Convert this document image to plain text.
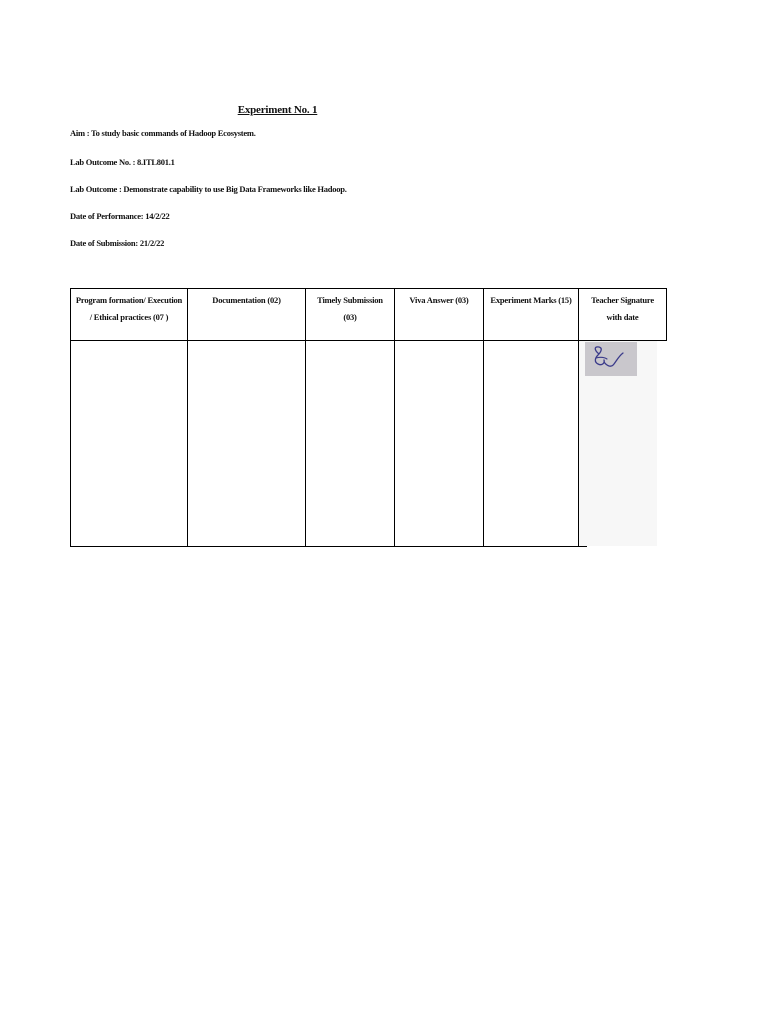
Experiment No. 1
Aim : To study basic commands of Hadoop Ecosystem.
Lab Outcome No. : 8.ITL801.1
Lab Outcome : Demonstrate capability to use Big Data Frameworks like Hadoop.
Date of Performance: 14/2/22
Date of Submission: 21/2/22
Program formation/ Execution / Ethical practices (07 )	Documentation (02)	Timely Submission (03)	Viva Answer (03)	Experiment Marks (15)	Teacher Signature with date
